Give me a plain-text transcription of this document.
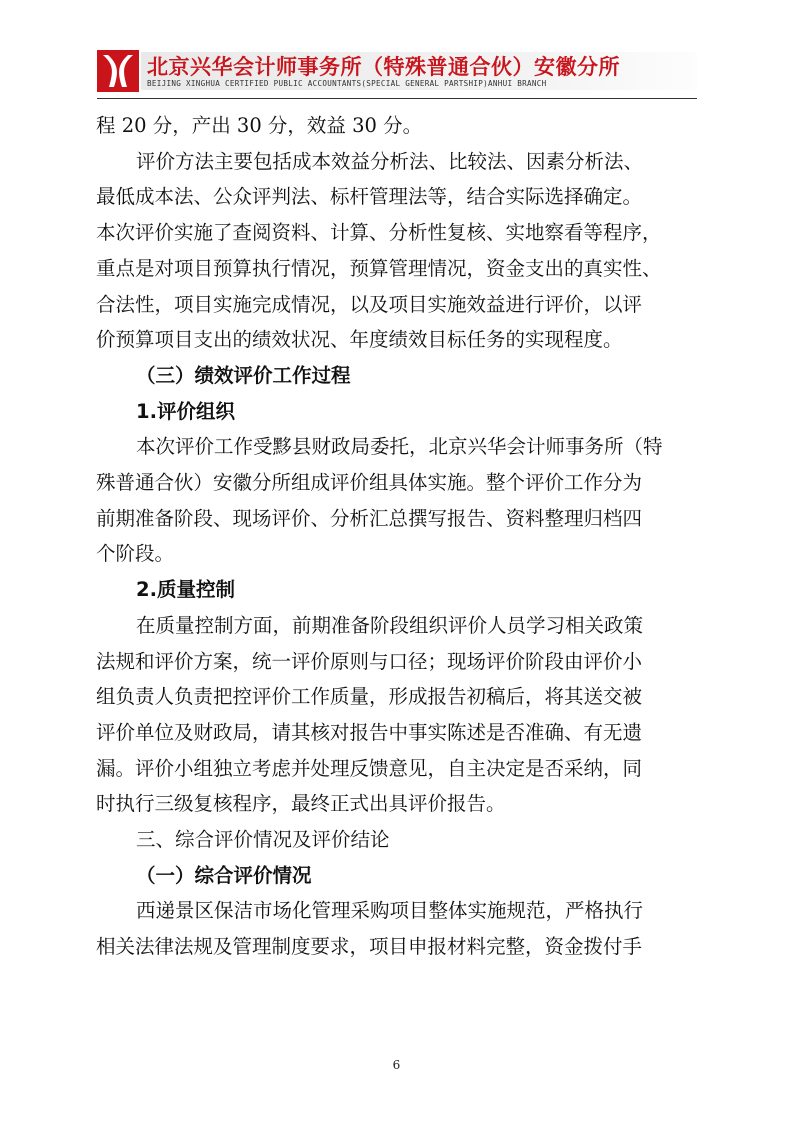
北京兴华会计师事务所（特殊普通合伙）安徽分所
BEIJING XINGHUA CERTIFIED PUBLIC ACCOUNTANTS(SPECIAL GENERAL PARTSHIP)ANHUI BRANCH

程 20 分，产出 30 分，效益 30 分。

评价方法主要包括成本效益分析法、比较法、因素分析法、

最低成本法、公众评判法、标杆管理法等，结合实际选择确定。

本次评价实施了查阅资料、计算、分析性复核、实地察看等程序，

重点是对项目预算执行情况，预算管理情况，资金支出的真实性、

合法性，项目实施完成情况，以及项目实施效益进行评价，以评

价预算项目支出的绩效状况、年度绩效目标任务的实现程度。

（三）绩效评价工作过程

1.评价组织

本次评价工作受黟县财政局委托，北京兴华会计师事务所（特

殊普通合伙）安徽分所组成评价组具体实施。整个评价工作分为

前期准备阶段、现场评价、分析汇总撰写报告、资料整理归档四

个阶段。

2.质量控制

在质量控制方面，前期准备阶段组织评价人员学习相关政策

法规和评价方案，统一评价原则与口径；现场评价阶段由评价小

组负责人负责把控评价工作质量，形成报告初稿后，将其送交被

评价单位及财政局，请其核对报告中事实陈述是否准确、有无遗

漏。评价小组独立考虑并处理反馈意见，自主决定是否采纳，同

时执行三级复核程序，最终正式出具评价报告。

三、综合评价情况及评价结论

（一）综合评价情况

西递景区保洁市场化管理采购项目整体实施规范，严格执行

相关法律法规及管理制度要求，项目申报材料完整，资金拨付手

6
